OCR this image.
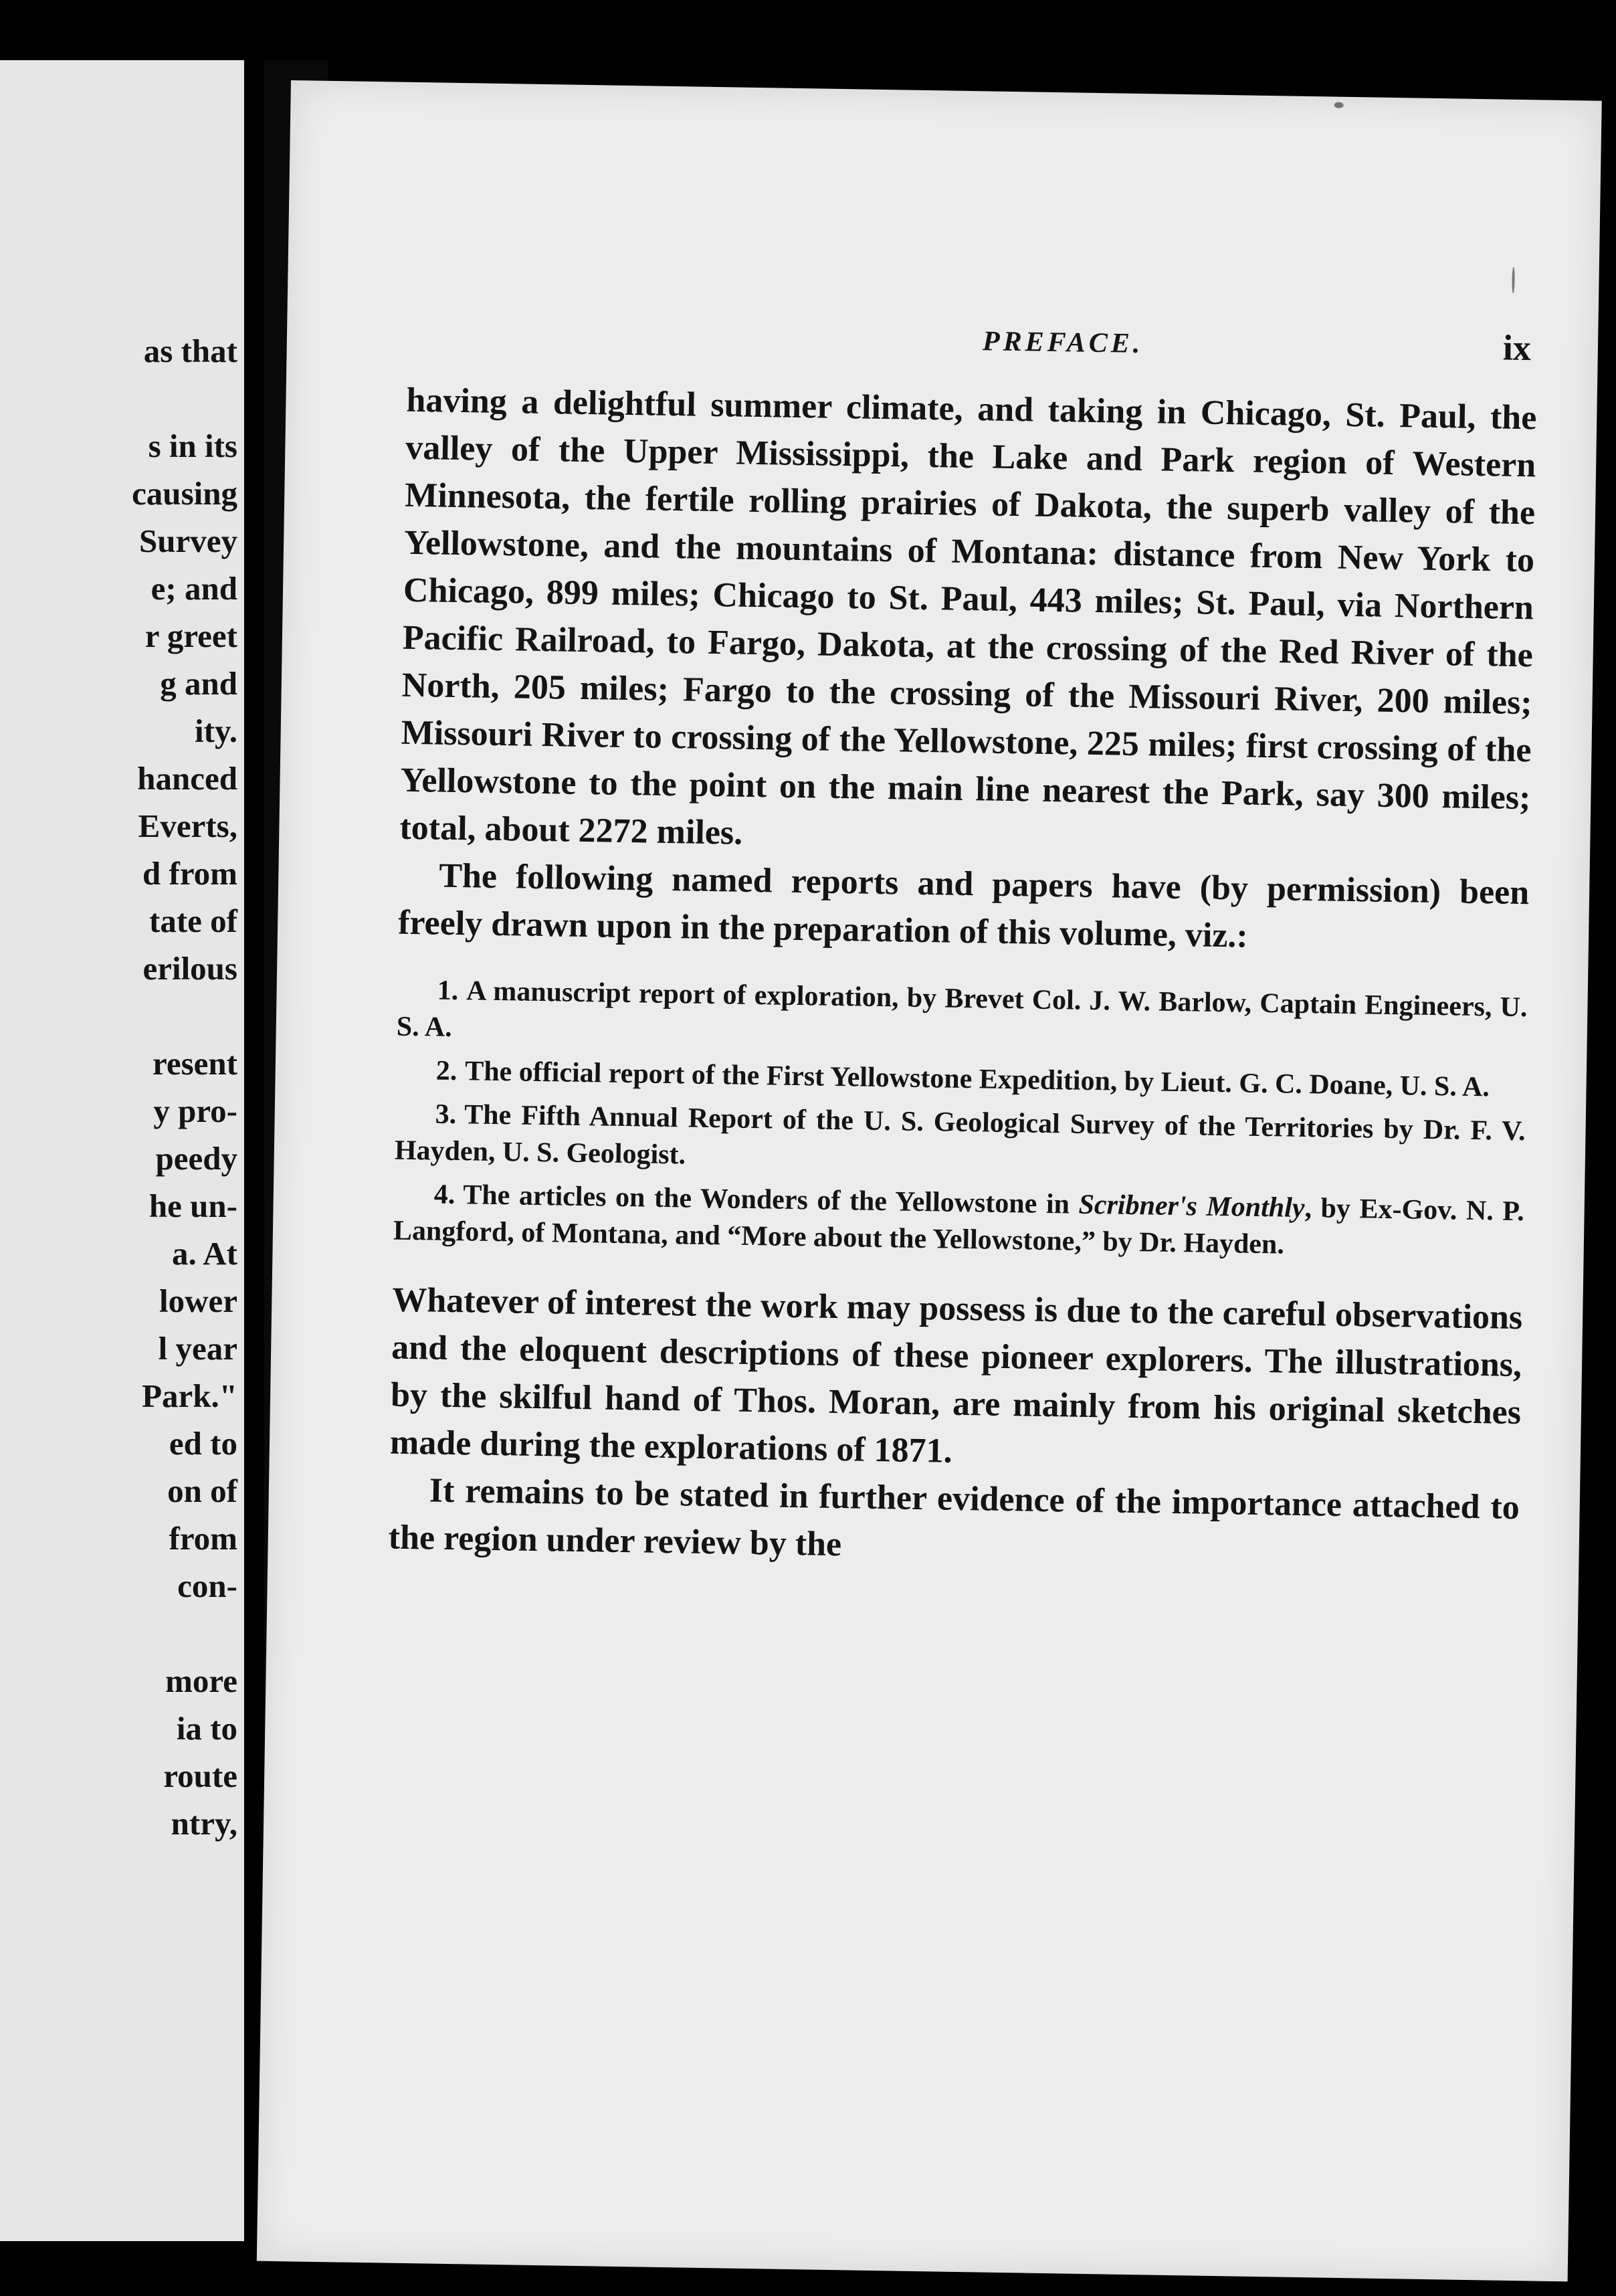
as that

s in its

causing

Survey

e; and

r greet

g and

ity.

hanced

Everts,

d from

tate of

erilous

resent

y pro-

peedy

he un-

a. At

lower

l year

Park."

ed to

on of

from

con-

more

ia to

route

ntry,

PREFACE.	ix

having a delightful summer climate, and taking in Chicago, St. Paul, the valley of the Upper Mississippi, the Lake and Park region of Western Minnesota, the fertile rolling prairies of Dakota, the superb valley of the Yellowstone, and the mountains of Montana: distance from New York to Chicago, 899 miles; Chicago to St. Paul, 443 miles; St. Paul, via Northern Pacific Railroad, to Fargo, Dakota, at the crossing of the Red River of the North, 205 miles; Fargo to the crossing of the Missouri River, 200 miles; Missouri River to crossing of the Yellowstone, 225 miles; first crossing of the Yellowstone to the point on the main line nearest the Park, say 300 miles; total, about 2272 miles.

The following named reports and papers have (by permission) been freely drawn upon in the preparation of this volume, viz.:

1. A manuscript report of exploration, by Brevet Col. J. W. Barlow, Captain Engineers, U. S. A.
2. The official report of the First Yellowstone Expedition, by Lieut. G. C. Doane, U. S. A.
3. The Fifth Annual Report of the U. S. Geological Survey of the Territories by Dr. F. V. Hayden, U. S. Geologist.
4. The articles on the Wonders of the Yellowstone in Scribner's Monthly, by Ex-Gov. N. P. Langford, of Montana, and “More about the Yellowstone,” by Dr. Hayden.

Whatever of interest the work may possess is due to the careful observations and the eloquent descriptions of these pioneer explorers. The illustrations, by the skilful hand of Thos. Moran, are mainly from his original sketches made during the explorations of 1871.

It remains to be stated in further evidence of the importance attached to the region under review by the
